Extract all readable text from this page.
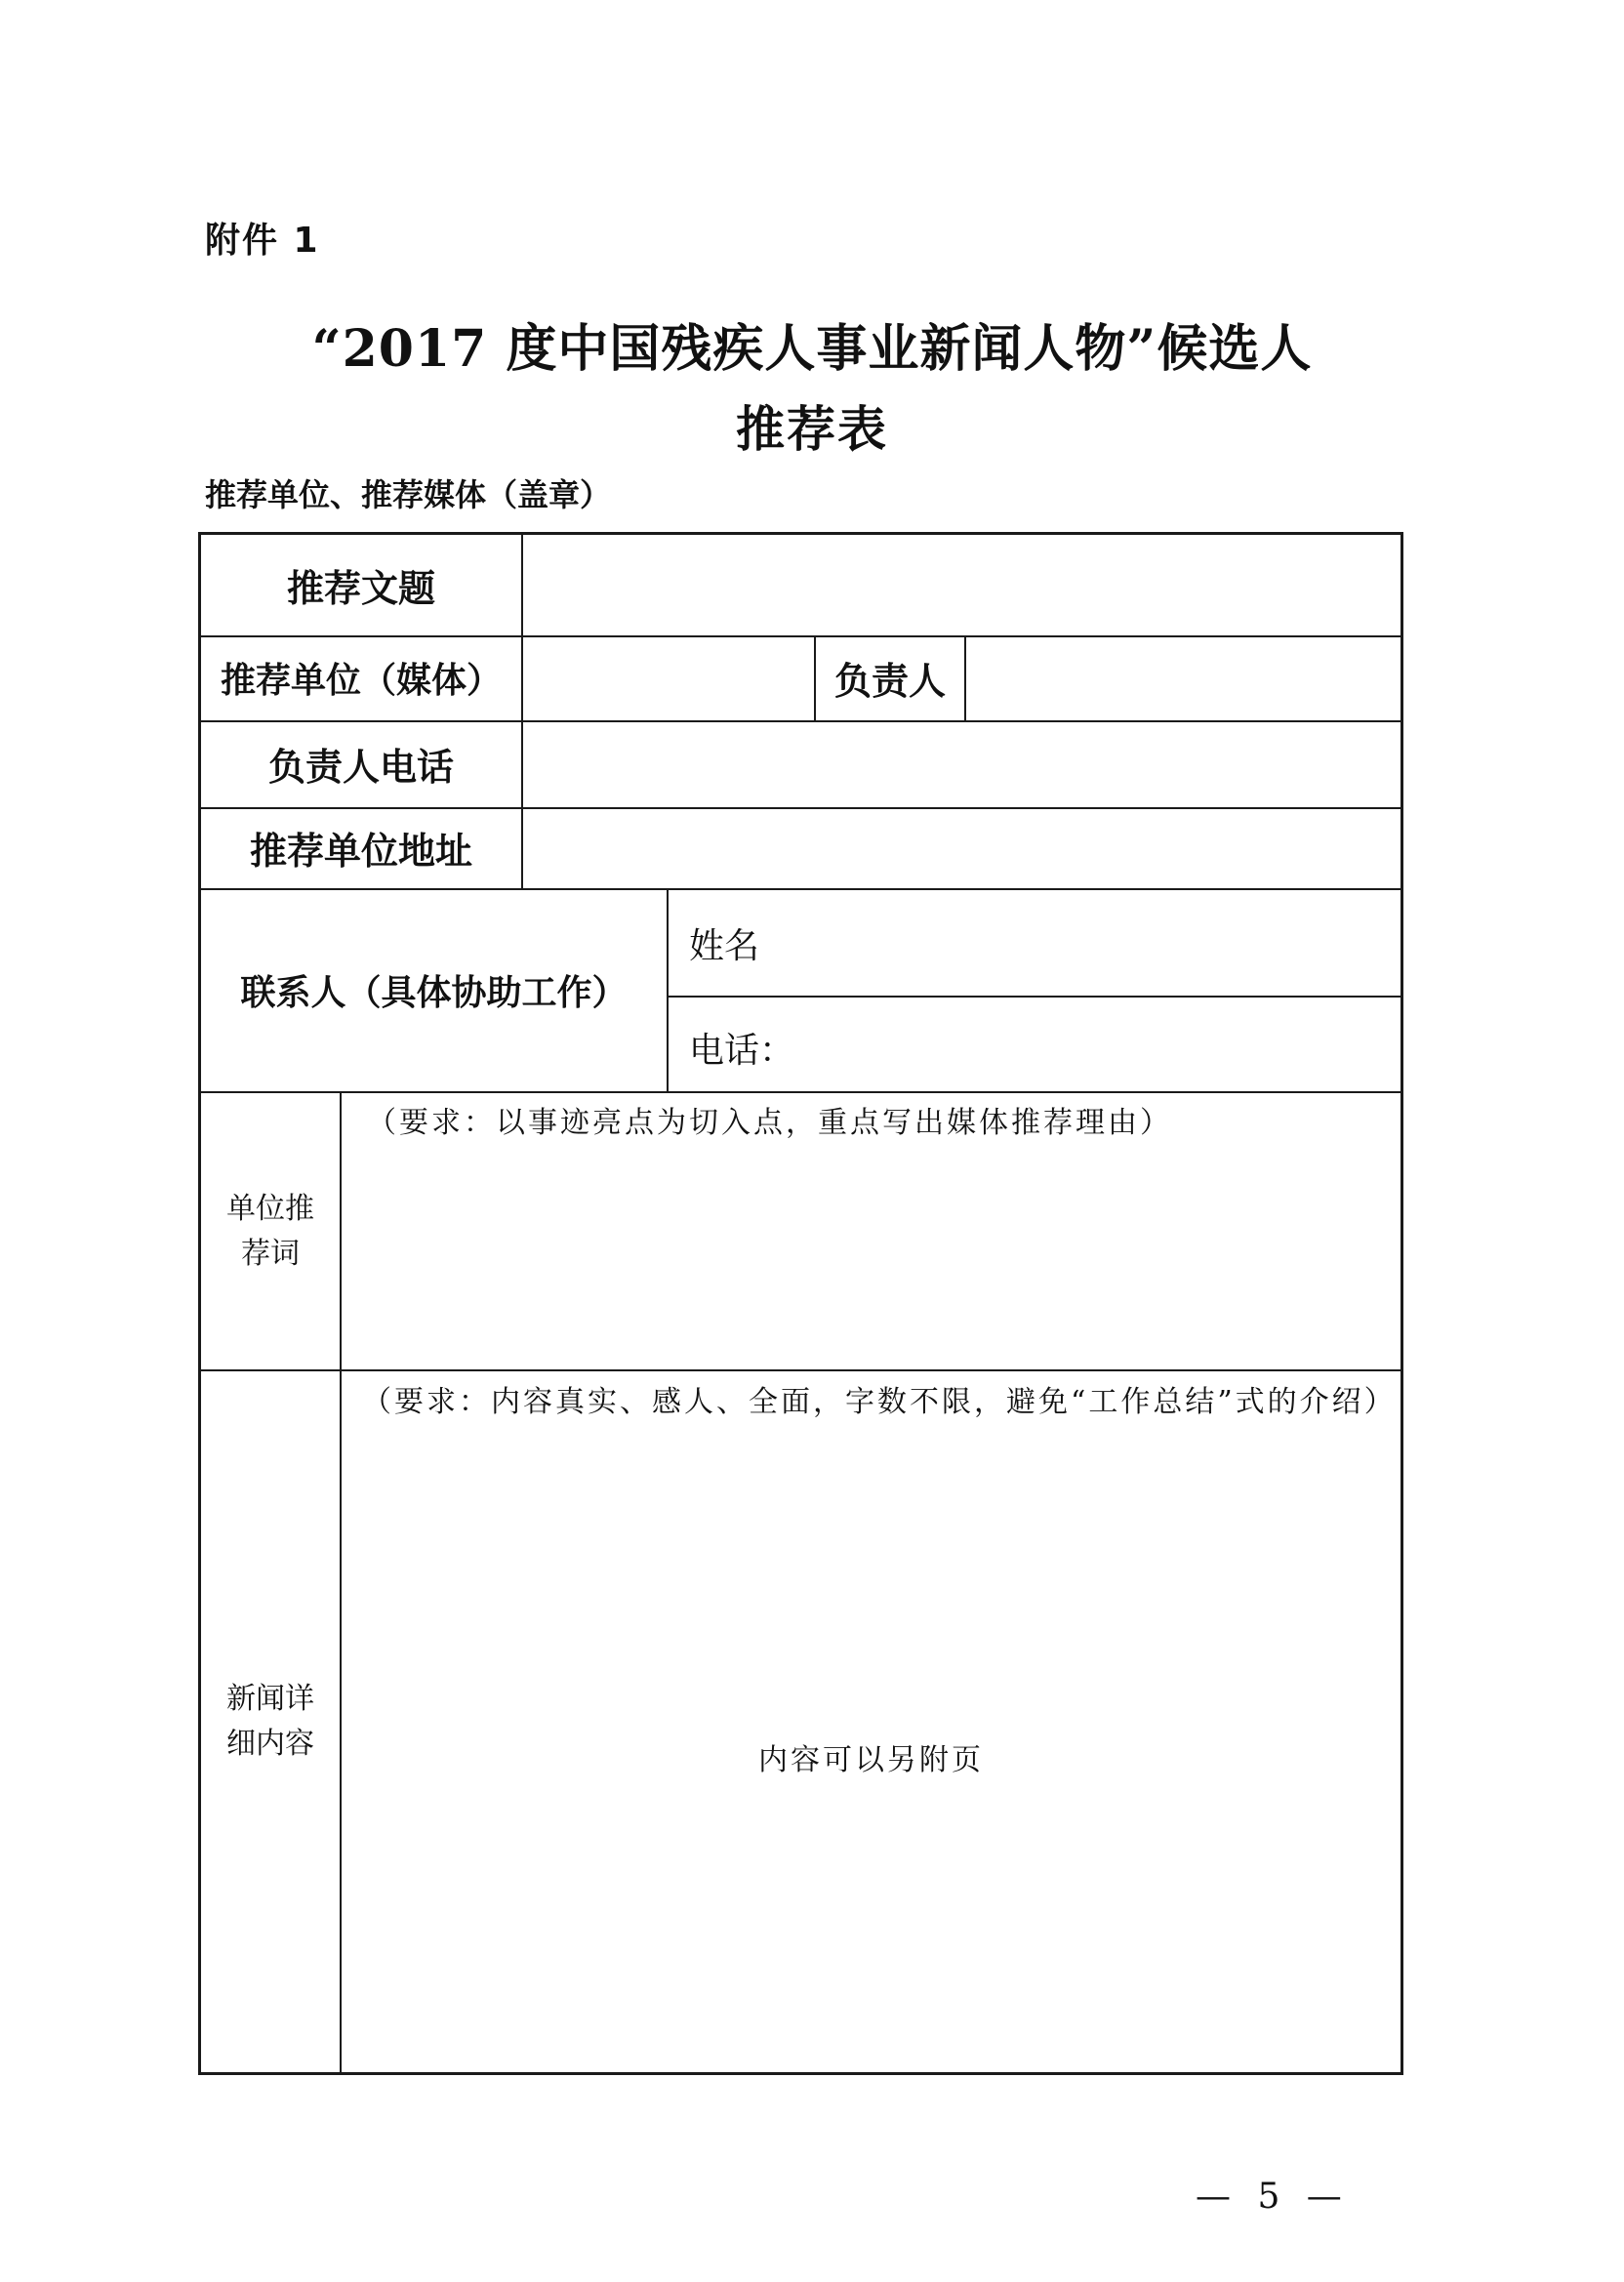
附件 1
“2017 度中国残疾人事业新闻人物”候选人
推荐表
推荐单位、推荐媒体（盖章）
推荐文题
推荐单位（媒体）	负责人
负责人电话
推荐单位地址
联系人（具体协助工作）
姓名
电话：
单位推荐词
（要求：以事迹亮点为切入点，重点写出媒体推荐理由）
新闻详细内容
（要求：内容真实、感人、全面，字数不限，避免“工作总结”式的介绍）
内容可以另附页
— 5 —
